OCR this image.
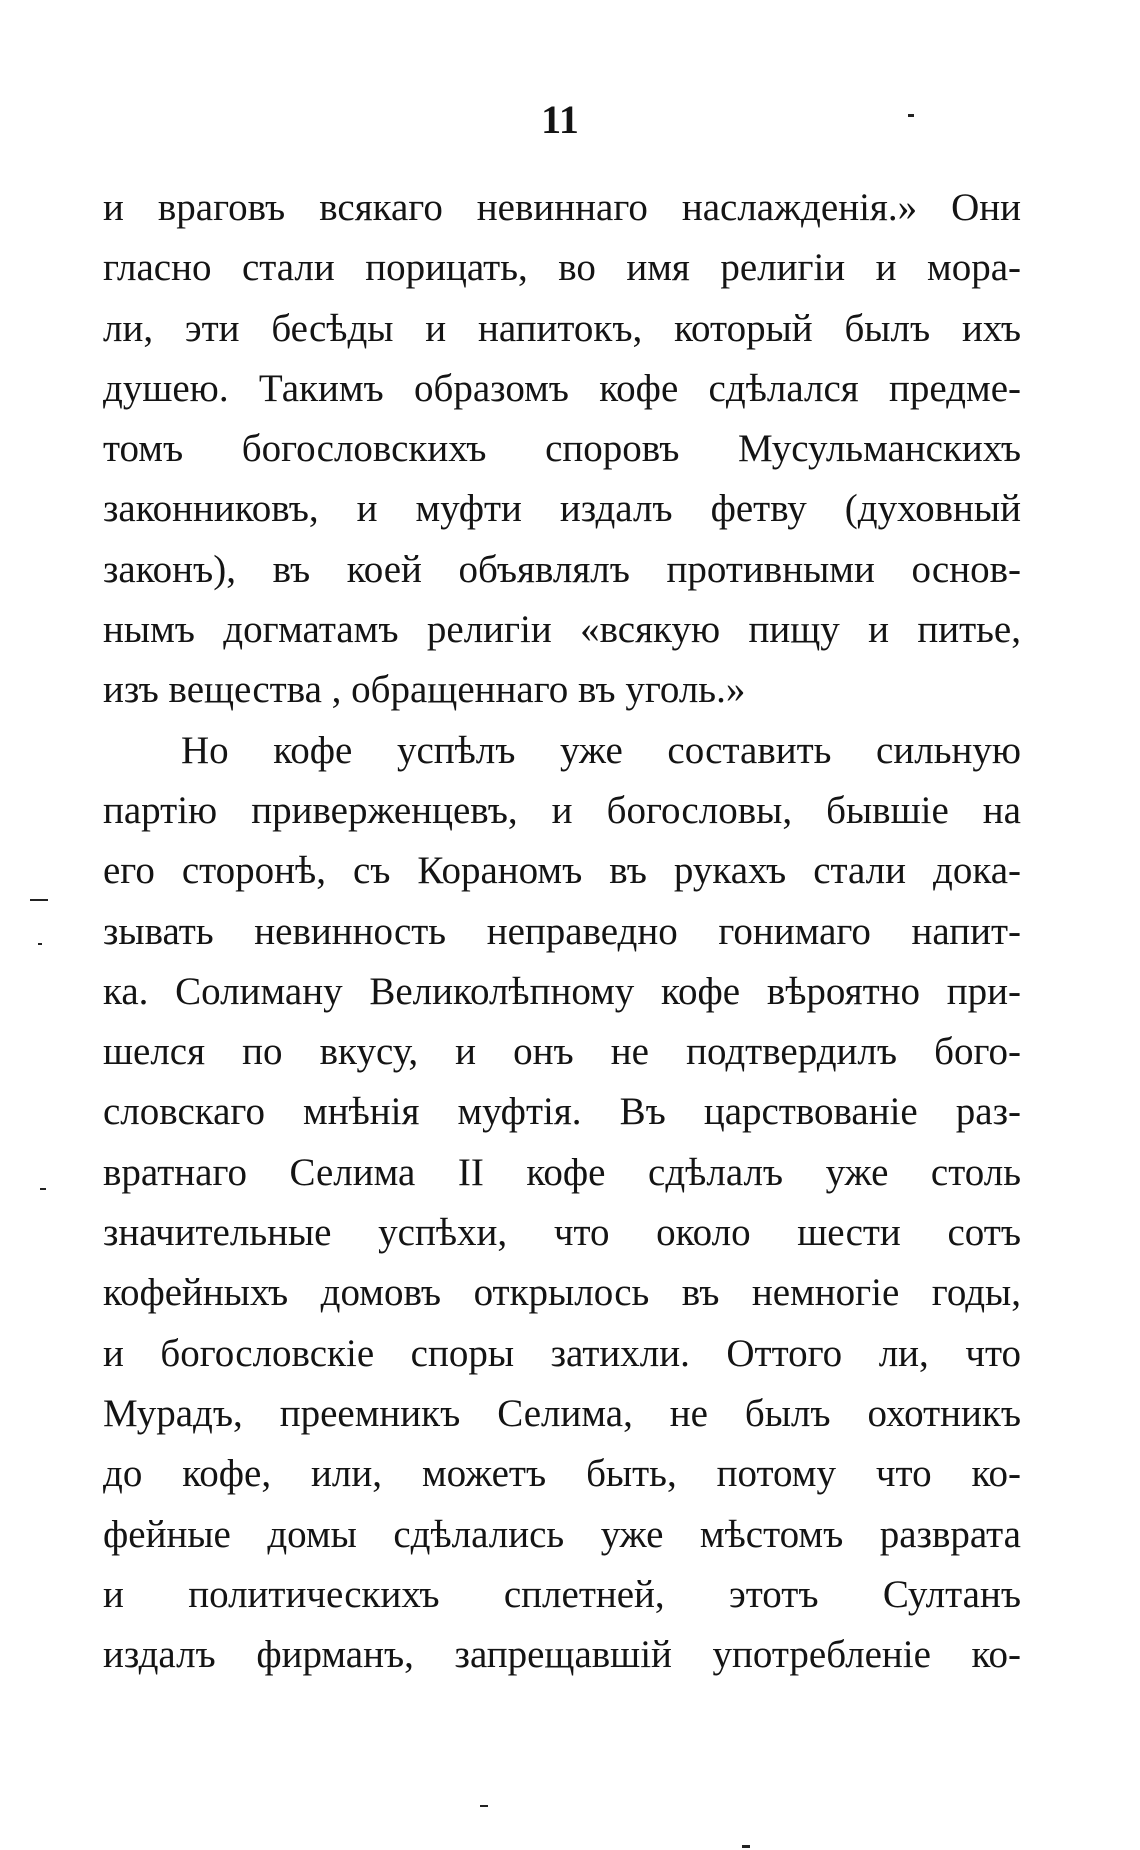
11
и враговъ всякаго невиннаго наслажденія.» Они
гласно стали порицать, во имя религіи и мора-
ли, эти бесѣды и напитокъ, который былъ ихъ
душею. Такимъ образомъ кофе сдѣлался предме-
томъ богословскихъ споровъ Мусульманскихъ
законниковъ, и муфти издалъ фетву (духовный
законъ), въ коей объявлялъ противными основ-
нымъ догматамъ религіи «всякую пищу и питье,
изъ вещества , обращеннаго въ уголь.»
Но кофе успѣлъ уже составить сильную
партію приверженцевъ, и богословы, бывшіе на
его сторонѣ, съ Кораномъ въ рукахъ стали дока-
зывать невинность неправедно гонимаго напит-
ка. Солиману Великолѣпному кофе вѣроятно при-
шелся по вкусу, и онъ не подтвердилъ бого-
словскаго мнѣнія муфтія. Въ царствованіе раз-
вратнаго Селима II кофе сдѣлалъ уже столь
значительные успѣхи, что около шести сотъ
кофейныхъ домовъ открылось въ немногіе годы,
и богословскіе споры затихли. Оттого ли, что
Мурадъ, преемникъ Селима, не былъ охотникъ
до кофе, или, можетъ быть, потому что ко-
фейные домы сдѣлались уже мѣстомъ разврата
и политическихъ сплетней, этотъ Султанъ
издалъ фирманъ, запрещавшій употребленіе ко-
